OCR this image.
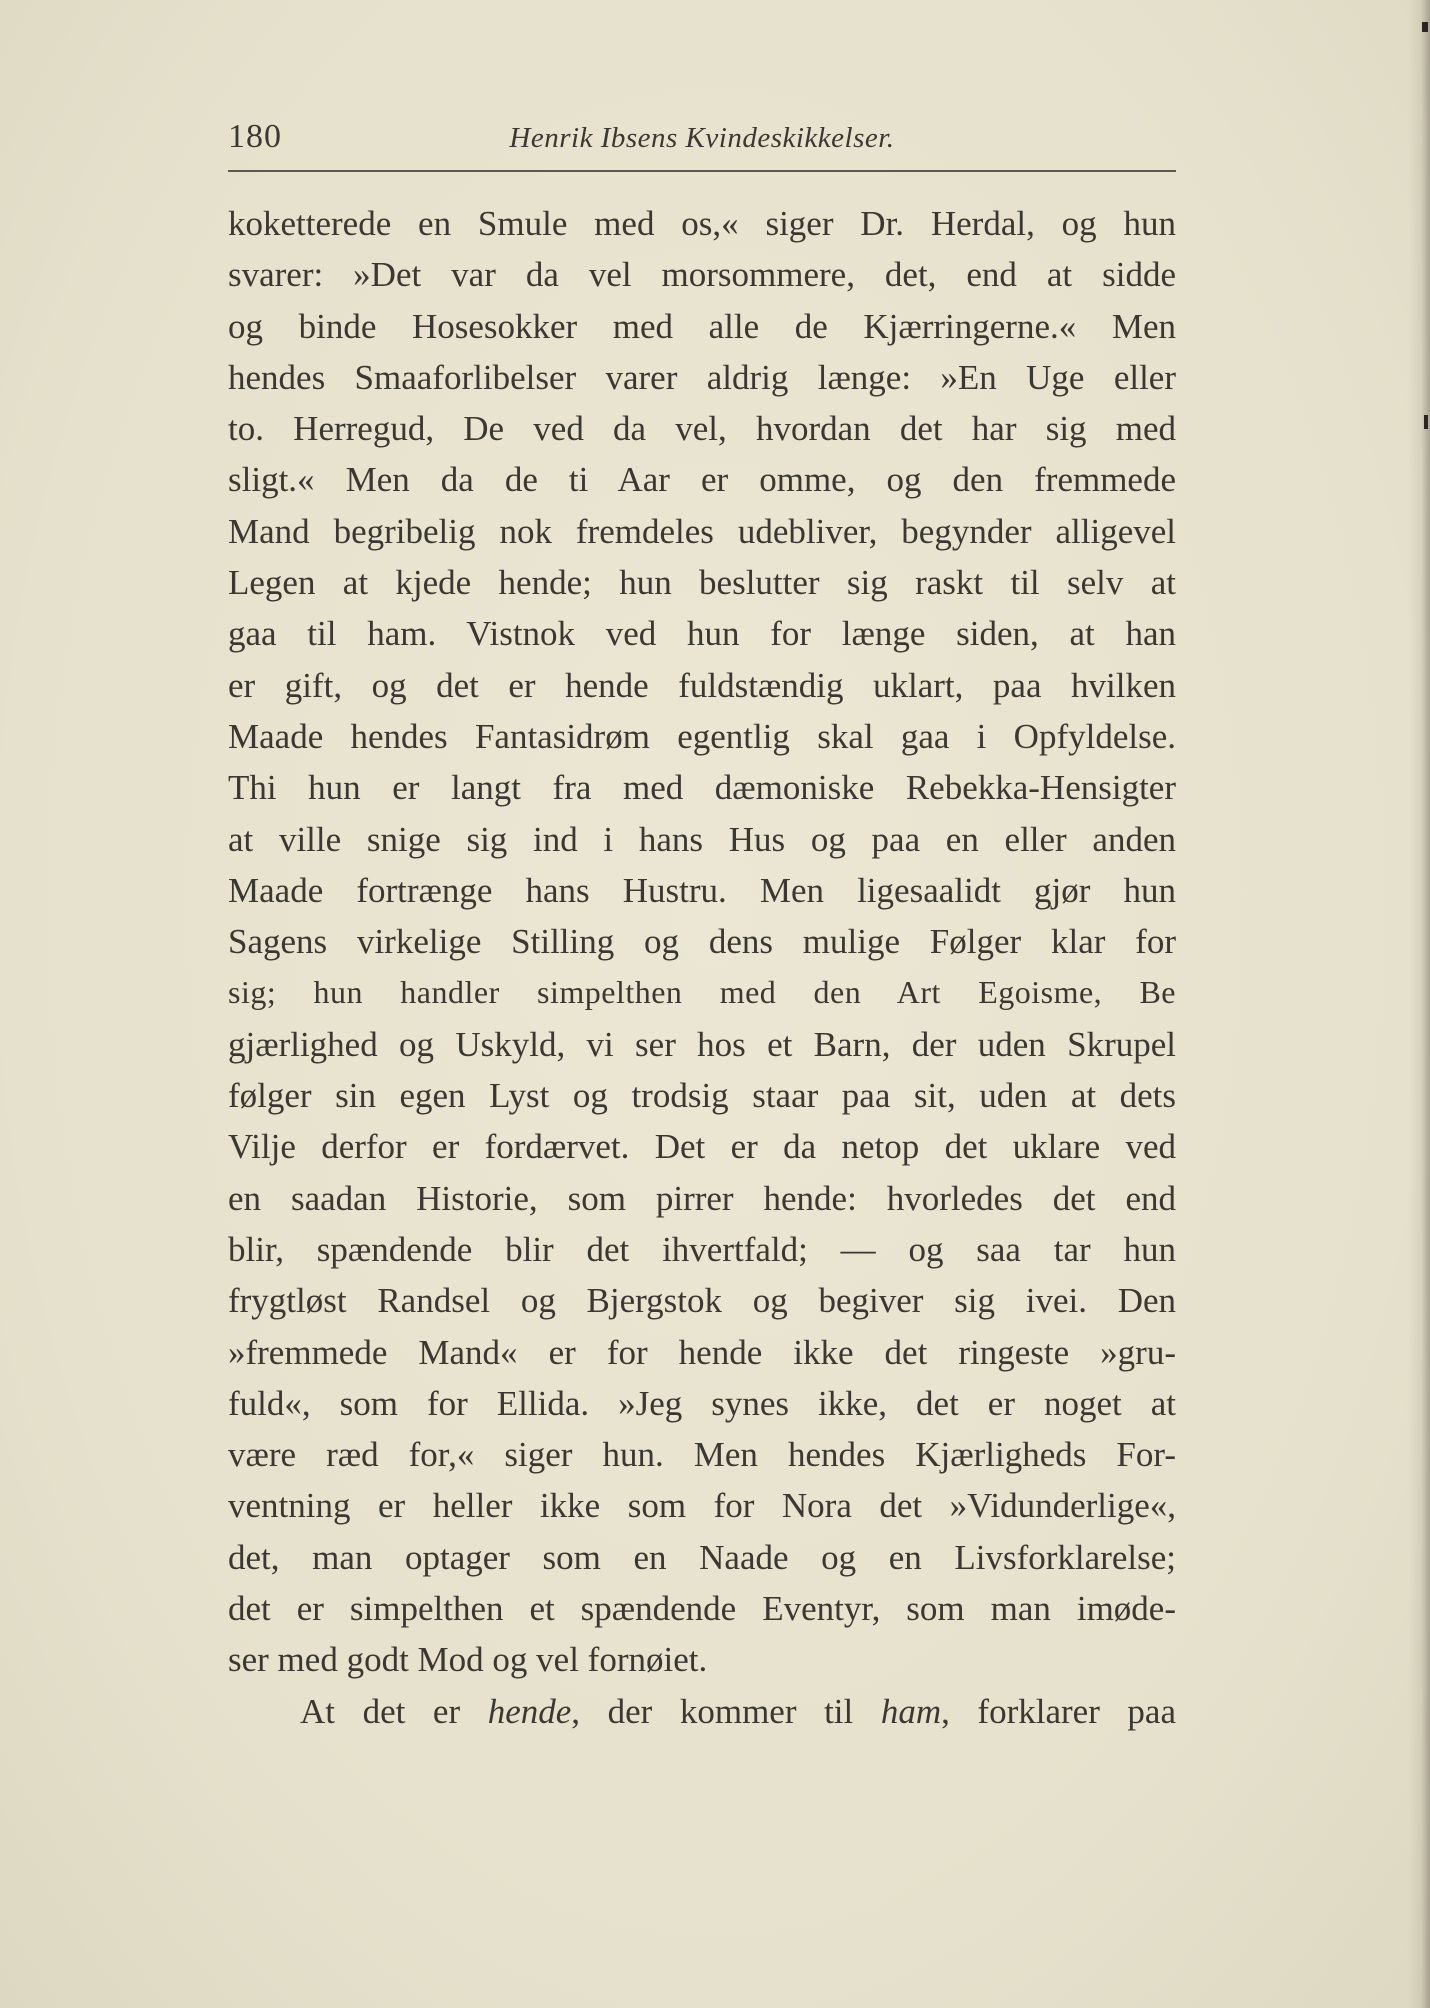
Henrik Ibsens Kvindeskikkelser.
180
koketterede en Smule med os,« siger Dr. Herdal, og hun
svarer: »Det var da vel morsommere, det, end at sidde
og binde Hosesokker med alle de Kjærringerne.« Men
hendes Smaaforlibelser varer aldrig længe: »En Uge eller
to. Herregud, De ved da vel, hvordan det har sig med
sligt.« Men da de ti Aar er omme, og den fremmede
Mand begribelig nok fremdeles udebliver, begynder alligevel
Legen at kjede hende; hun beslutter sig raskt til selv at
gaa til ham. Vistnok ved hun for længe siden, at han
er gift, og det er hende fuldstændig uklart, paa hvilken
Maade hendes Fantasidrøm egentlig skal gaa i Opfyldelse.
Thi hun er langt fra med dæmoniske Rebekka-Hensigter
at ville snige sig ind i hans Hus og paa en eller anden
Maade fortrænge hans Hustru. Men ligesaalidt gjør hun
Sagens virkelige Stilling og dens mulige Følger klar for
sig; hun handler simpelthen med den Art Egoisme, Be
gjærlighed og Uskyld, vi ser hos et Barn, der uden Skrupel
følger sin egen Lyst og trodsig staar paa sit, uden at dets
Vilje derfor er fordærvet. Det er da netop det uklare ved
en saadan Historie, som pirrer hende: hvorledes det end
blir, spændende blir det ihvertfald; — og saa tar hun
frygtløst Randsel og Bjergstok og begiver sig ivei. Den
»fremmede Mand« er for hende ikke det ringeste »gru-
fuld«, som for Ellida. »Jeg synes ikke, det er noget at
være ræd for,« siger hun. Men hendes Kjærligheds For-
ventning er heller ikke som for Nora det »Vidunderlige«,
det, man optager som en Naade og en Livsforklarelse;
det er simpelthen et spændende Eventyr, som man imøde-
ser med godt Mod og vel fornøiet.
At det er hende, der kommer til ham, forklarer paa
